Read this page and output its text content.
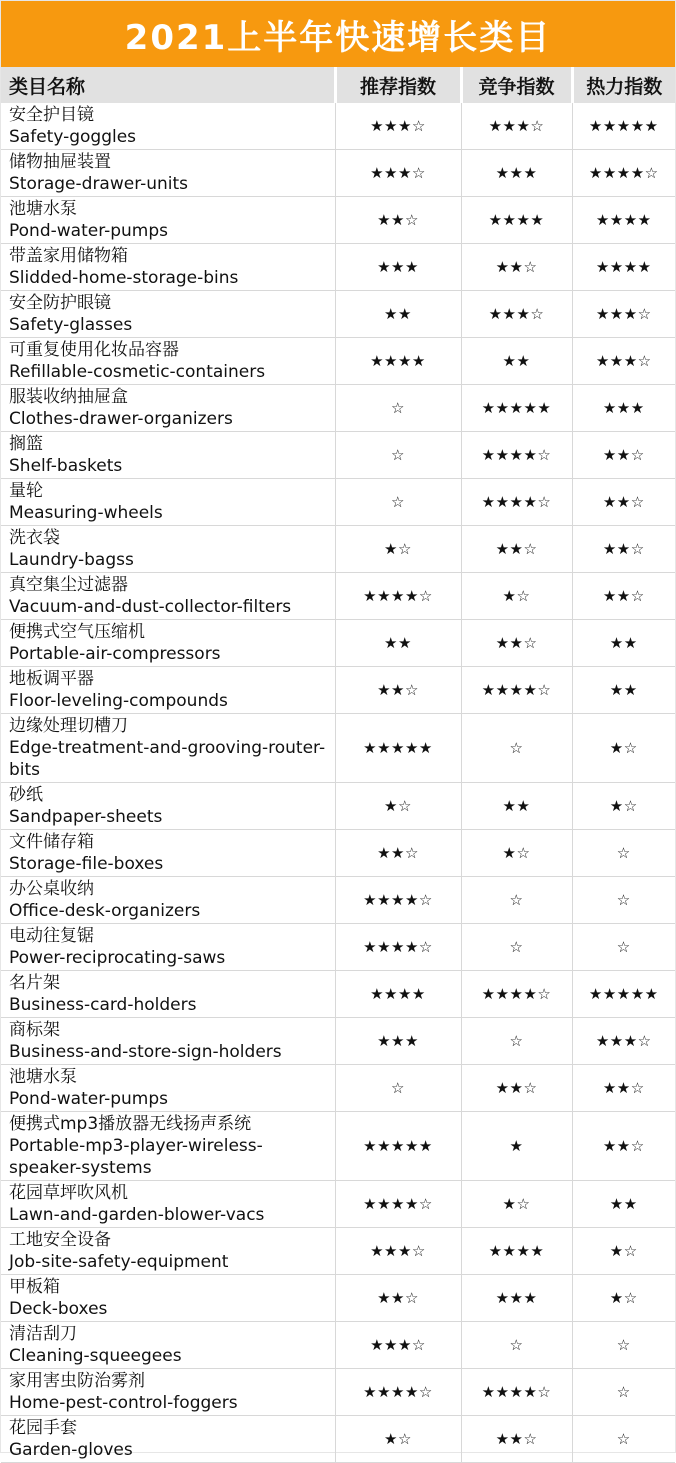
2021上半年快速增长类目
类目名称	推荐指数	竞争指数	热力指数

安全护目镜
Safety-goggles	★★★☆	★★★☆	★★★★★

储物抽屉装置
Storage-drawer-units	★★★☆	★★★	★★★★☆

池塘水泵
Pond-water-pumps	★★☆	★★★★	★★★★

带盖家用储物箱
Slidded-home-storage-bins	★★★	★★☆	★★★★

安全防护眼镜
Safety-glasses	★★	★★★☆	★★★☆

可重复使用化妆品容器
Refillable-cosmetic-containers	★★★★	★★	★★★☆

服装收纳抽屉盒
Clothes-drawer-organizers	☆	★★★★★	★★★

搁篮
Shelf-baskets	☆	★★★★☆	★★☆

量轮
Measuring-wheels	☆	★★★★☆	★★☆

洗衣袋
Laundry-bagss	★☆	★★☆	★★☆

真空集尘过滤器
Vacuum-and-dust-collector-filters	★★★★☆	★☆	★★☆

便携式空气压缩机
Portable-air-compressors	★★	★★☆	★★

地板调平器
Floor-leveling-compounds	★★☆	★★★★☆	★★

边缘处理切槽刀
Edge-treatment-and-grooving-router-bits	★★★★★	☆	★☆

砂纸
Sandpaper-sheets	★☆	★★	★☆

文件储存箱
Storage-file-boxes	★★☆	★☆	☆

办公桌收纳
Office-desk-organizers	★★★★☆	☆	☆

电动往复锯
Power-reciprocating-saws	★★★★☆	☆	☆

名片架
Business-card-holders	★★★★	★★★★☆	★★★★★

商标架
Business-and-store-sign-holders	★★★	☆	★★★☆

池塘水泵
Pond-water-pumps	☆	★★☆	★★☆

便携式mp3播放器无线扬声系统
Portable-mp3-player-wireless-speaker-systems	★★★★★	★	★★☆

花园草坪吹风机
Lawn-and-garden-blower-vacs	★★★★☆	★☆	★★

工地安全设备
Job-site-safety-equipment	★★★☆	★★★★	★☆

甲板箱
Deck-boxes	★★☆	★★★	★☆

清洁刮刀
Cleaning-squeegees	★★★☆	☆	☆

家用害虫防治雾剂
Home-pest-control-foggers	★★★★☆	★★★★☆	☆

花园手套
Garden-gloves	★☆	★★☆	☆
